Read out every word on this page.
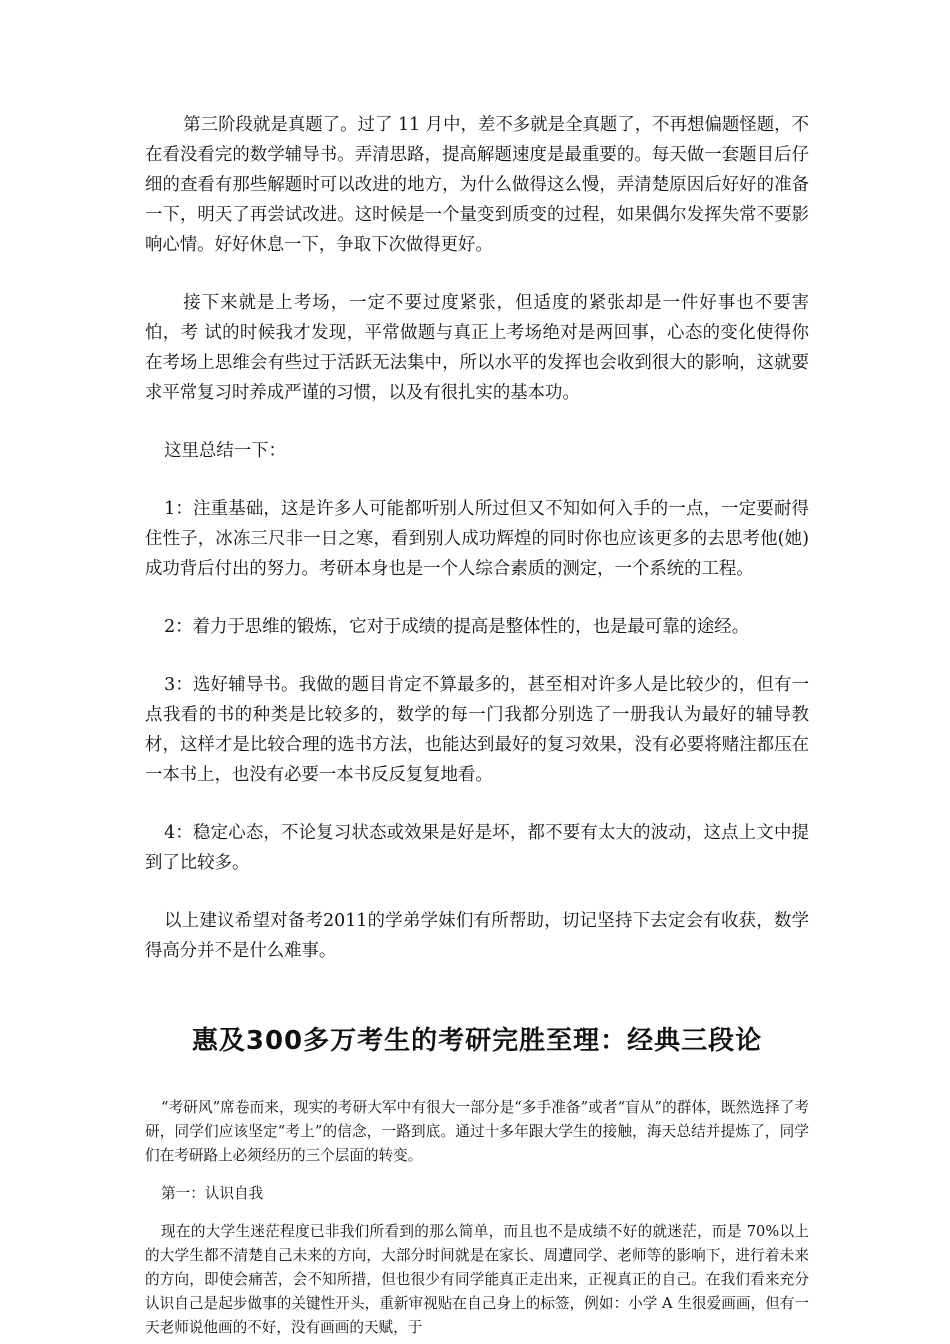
第三阶段就是真题了。过了 11 月中，差不多就是全真题了，不再想偏题怪题，不在看没看完的数学辅导书。弄清思路，提高解题速度是最重要的。每天做一套题目后仔细的查看有那些解题时可以改进的地方，为什么做得这么慢，弄清楚原因后好好的准备一下，明天了再尝试改进。这时候是一个量变到质变的过程，如果偶尔发挥失常不要影响心情。好好休息一下，争取下次做得更好。

接下来就是上考场，一定不要过度紧张，但适度的紧张却是一件好事也不要害怕，考 试的时候我才发现，平常做题与真正上考场绝对是两回事，心态的变化使得你在考场上思维会有些过于活跃无法集中，所以水平的发挥也会收到很大的影响，这就要求平常复习时养成严谨的习惯，以及有很扎实的基本功。

这里总结一下：

1：注重基础，这是许多人可能都听别人所过但又不知如何入手的一点，一定要耐得住性子，冰冻三尺非一日之寒，看到别人成功辉煌的同时你也应该更多的去思考他(她)成功背后付出的努力。考研本身也是一个人综合素质的测定，一个系统的工程。

2：着力于思维的锻炼，它对于成绩的提高是整体性的，也是最可靠的途经。

3：选好辅导书。我做的题目肯定不算最多的，甚至相对许多人是比较少的，但有一点我看的书的种类是比较多的，数学的每一门我都分别选了一册我认为最好的辅导教材，这样才是比较合理的选书方法，也能达到最好的复习效果，没有必要将赌注都压在一本书上，也没有必要一本书反反复复地看。

4：稳定心态，不论复习状态或效果是好是坏，都不要有太大的波动，这点上文中提到了比较多。

以上建议希望对备考2011的学弟学妹们有所帮助，切记坚持下去定会有收获，数学得高分并不是什么难事。

惠及300多万考生的考研完胜至理：经典三段论

“考研风”席卷而来，现实的考研大军中有很大一部分是“多手准备”或者“盲从”的群体，既然选择了考研，同学们应该坚定“考上”的信念，一路到底。通过十多年跟大学生的接触，海天总结并提炼了，同学们在考研路上必须经历的三个层面的转变。

第一：认识自我

现在的大学生迷茫程度已非我们所看到的那么简单，而且也不是成绩不好的就迷茫，而是 70%以上的大学生都不清楚自己未来的方向，大部分时间就是在家长、周遭同学、老师等的影响下，进行着未来的方向，即使会痛苦，会不知所措，但也很少有同学能真正走出来，正视真正的自己。在我们看来充分认识自己是起步做事的关键性开头，重新审视贴在自己身上的标签，例如：小学 A 生很爱画画，但有一天老师说他画的不好，没有画画的天赋，于
